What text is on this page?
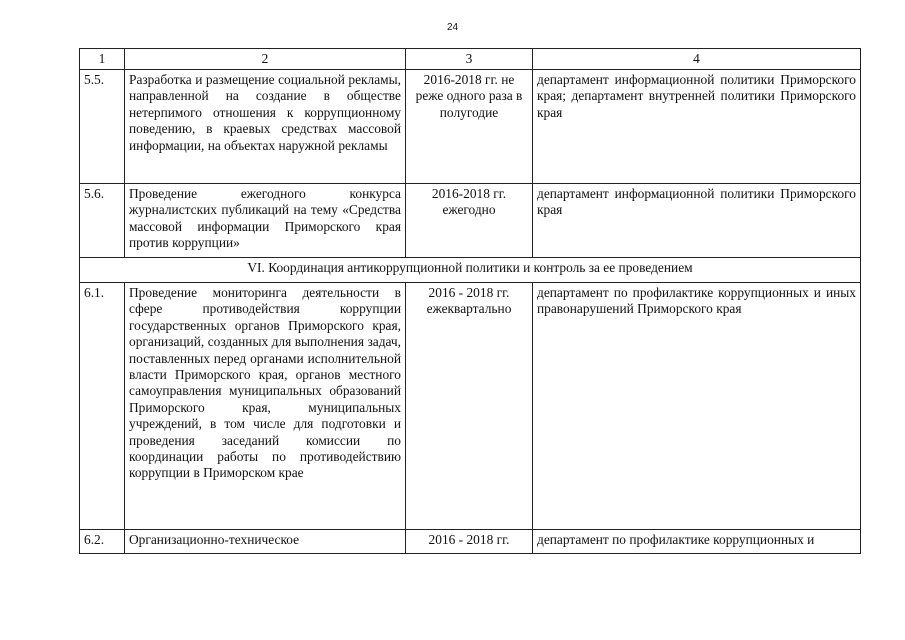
24
1	2	3	4
5.5.	Разработка и размещение социальной рекламы, направленной на создание в обществе нетерпимого отношения к коррупционному поведению, в краевых средствах массовой информации, на объектах наружной рекламы	2016-2018 гг. не реже одного раза в полугодие	департамент информационной политики Приморского края; департамент внутренней политики Приморского края
5.6.	Проведение ежегодного конкурса журналистских публикаций на тему «Средства массовой информации Приморского края против коррупции»	2016-2018 гг. ежегодно	департамент информационной политики Приморского края
VI. Координация антикоррупционной политики и контроль за ее проведением			
6.1.	Проведение мониторинга деятельности в сфере противодействия коррупции государственных органов Приморского края, организаций, созданных для выполнения задач, поставленных перед органами исполнительной власти Приморского края, органов местного самоуправления муниципальных образований Приморского края, муниципальных учреждений, в том числе для подготовки и проведения заседаний комиссии по координации работы по противодействию коррупции в Приморском крае	2016 - 2018 гг. ежеквартально	департамент по профилактике коррупционных и иных правонарушений Приморского края
6.2.	Организационно-техническое	2016 - 2018 гг.	департамент по профилактике коррупционных и
